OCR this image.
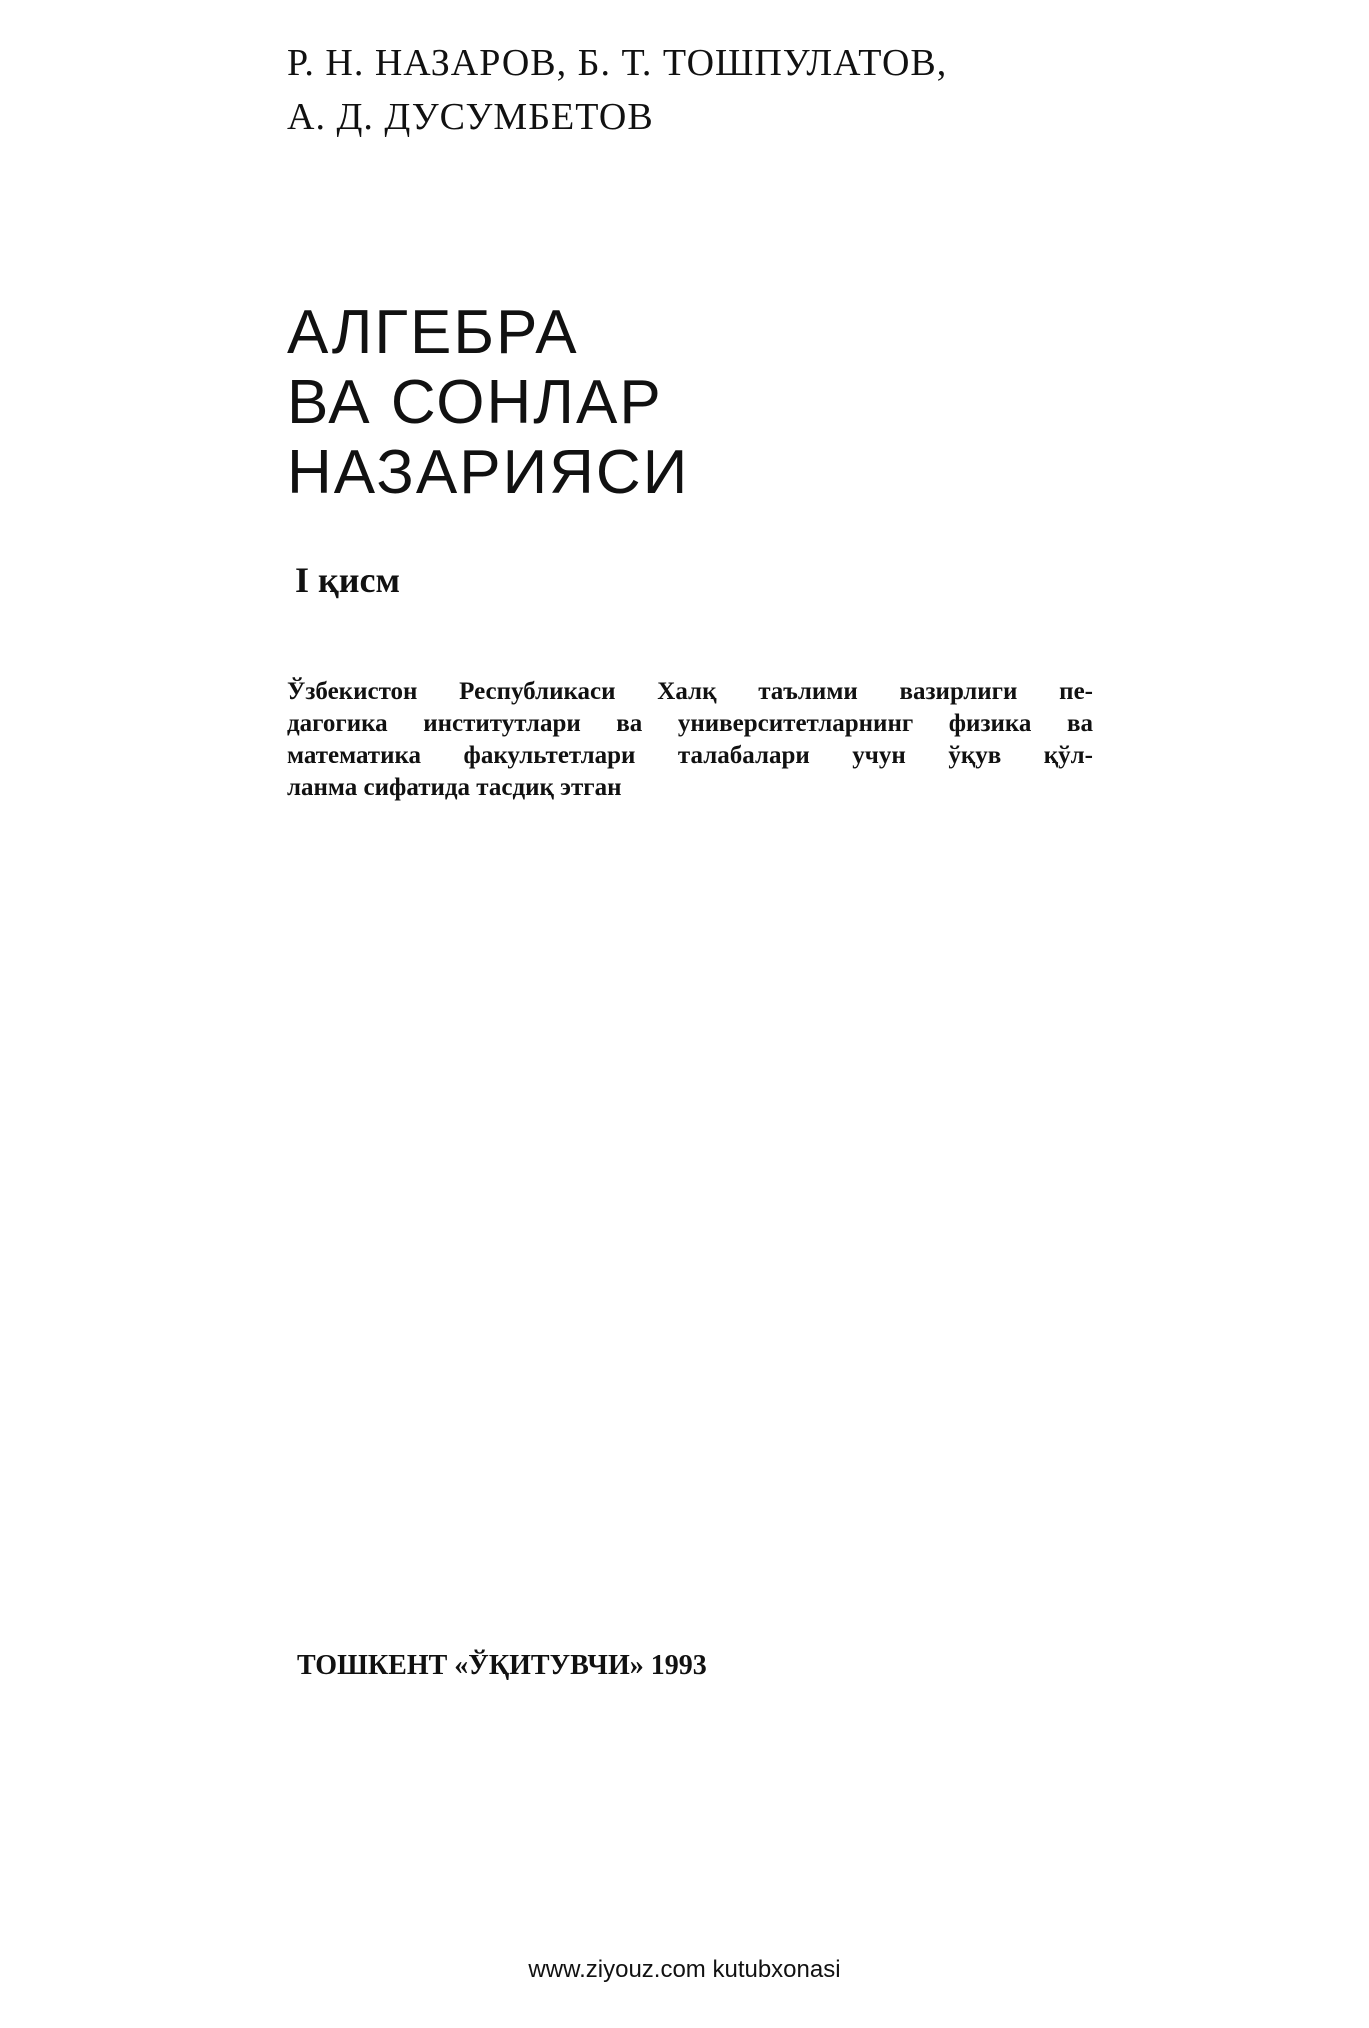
Р. Н. НАЗАРОВ, Б. Т. ТОШПУЛАТОВ,
А. Д. ДУСУМБЕТОВ
АЛГЕБРА
ВА СОНЛАР
НАЗАРИЯСИ
I қисм
Ўзбекистон Республикаси Халқ таълими вазирлиги пе-
дагогика институтлари ва университетларнинг физика ва
математика факультетлари талабалари учун ўқув қўл-
ланма сифатида тасдиқ этган
ТОШКЕНТ «ЎҚИТУВЧИ» 1993
www.ziyouz.com kutubxonasi
